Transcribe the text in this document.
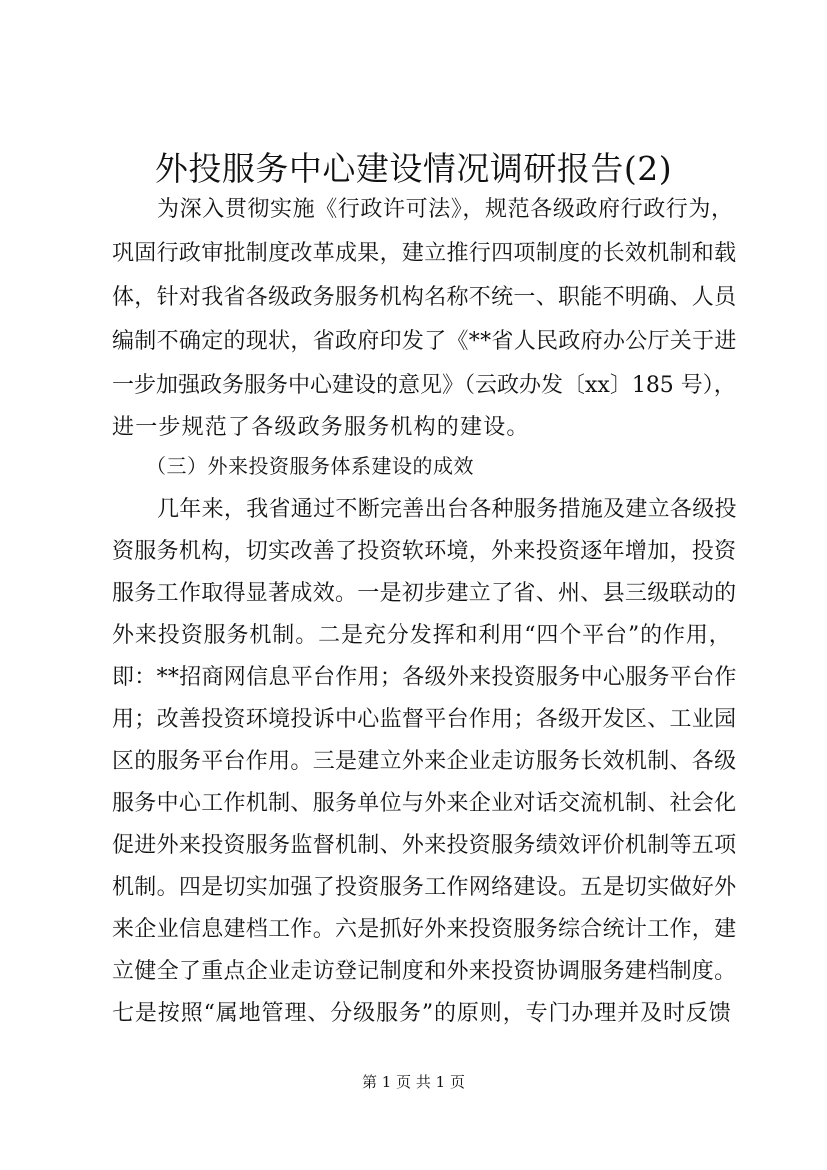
外投服务中心建设情况调研报告(2)
为深入贯彻实施《行政许可法》，规范各级政府行政行为，
巩固行政审批制度改革成果，建立推行四项制度的长效机制和载
体，针对我省各级政务服务机构名称不统一、职能不明确、人员
编制不确定的现状，省政府印发了《**省人民政府办公厅关于进
一步加强政务服务中心建设的意见》（云政办发〔xx〕185 号），
进一步规范了各级政务服务机构的建设。
（三）外来投资服务体系建设的成效
几年来，我省通过不断完善出台各种服务措施及建立各级投
资服务机构，切实改善了投资软环境，外来投资逐年增加，投资
服务工作取得显著成效。一是初步建立了省、州、县三级联动的
外来投资服务机制。二是充分发挥和利用“四个平台”的作用，
即：**招商网信息平台作用；各级外来投资服务中心服务平台作
用；改善投资环境投诉中心监督平台作用；各级开发区、工业园
区的服务平台作用。三是建立外来企业走访服务长效机制、各级
服务中心工作机制、服务单位与外来企业对话交流机制、社会化
促进外来投资服务监督机制、外来投资服务绩效评价机制等五项
机制。四是切实加强了投资服务工作网络建设。五是切实做好外
来企业信息建档工作。六是抓好外来投资服务综合统计工作，建
立健全了重点企业走访登记制度和外来投资协调服务建档制度。
七是按照“属地管理、分级服务”的原则，专门办理并及时反馈
第 1 页 共 1 页
